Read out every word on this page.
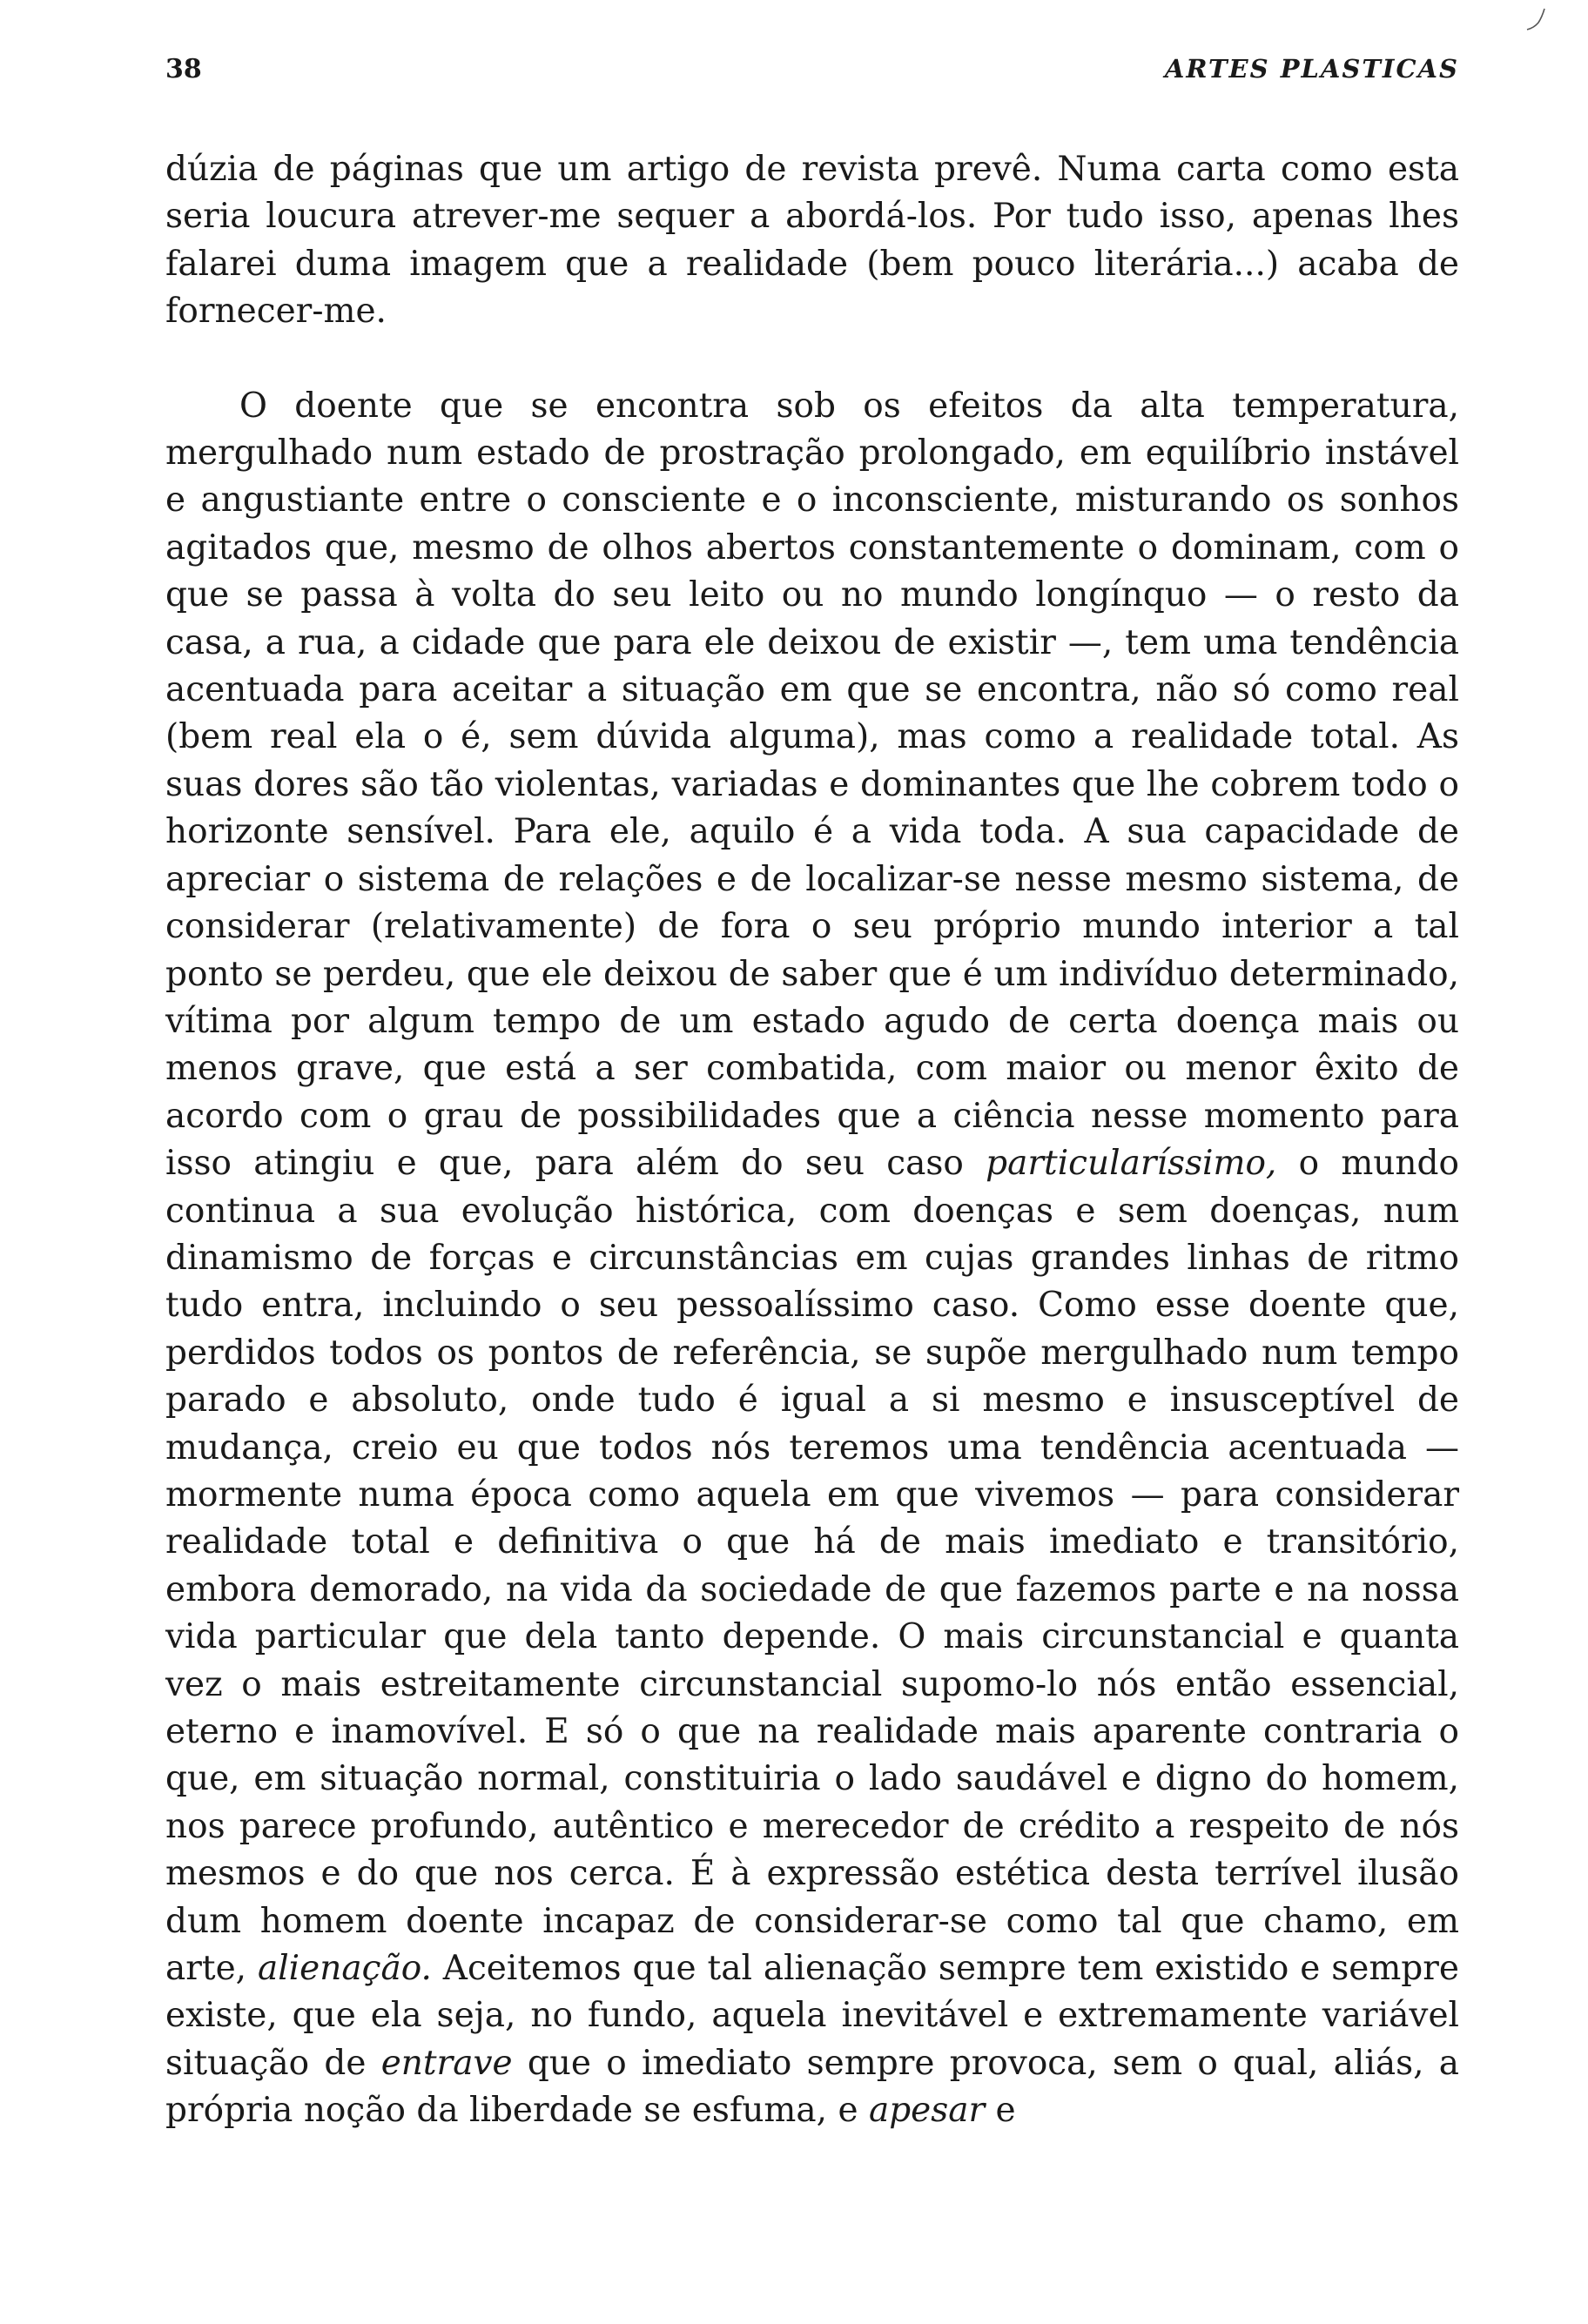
38	ARTES PLASTICAS

dúzia de páginas que um artigo de revista prevê. Numa carta como esta seria loucura atrever-me sequer a abordá-los. Por tudo isso, apenas lhes falarei duma imagem que a realidade (bem pouco literária...) acaba de fornecer-me.

O doente que se encontra sob os efeitos da alta temperatura, mergulhado num estado de prostração prolongado, em equilíbrio instável e angustiante entre o consciente e o inconsciente, misturando os sonhos agitados que, mesmo de olhos abertos constantemente o dominam, com o que se passa à volta do seu leito ou no mundo longínquo — o resto da casa, a rua, a cidade que para ele deixou de existir —, tem uma tendência acentuada para aceitar a situação em que se encontra, não só como real (bem real ela o é, sem dúvida alguma), mas como a realidade total. As suas dores são tão violentas, variadas e dominantes que lhe cobrem todo o horizonte sensível. Para ele, aquilo é a vida toda. A sua capacidade de apreciar o sistema de relações e de localizar-se nesse mesmo sistema, de considerar (relativamente) de fora o seu próprio mundo interior a tal ponto se perdeu, que ele deixou de saber que é um indivíduo determinado, vítima por algum tempo de um estado agudo de certa doença mais ou menos grave, que está a ser combatida, com maior ou menor êxito de acordo com o grau de possibilidades que a ciência nesse momento para isso atingiu e que, para além do seu caso particularíssimo, o mundo continua a sua evolução histórica, com doenças e sem doenças, num dinamismo de forças e circunstâncias em cujas grandes linhas de ritmo tudo entra, incluindo o seu pessoalíssimo caso. Como esse doente que, perdidos todos os pontos de referência, se supõe mergulhado num tempo parado e absoluto, onde tudo é igual a si mesmo e insusceptível de mudança, creio eu que todos nós teremos uma tendência acentuada — mormente numa época como aquela em que vivemos — para considerar realidade total e definitiva o que há de mais imediato e transitório, embora demorado, na vida da sociedade de que fazemos parte e na nossa vida particular que dela tanto depende. O mais circunstancial e quanta vez o mais estreitamente circunstancial supomo-lo nós então essencial, eterno e inamovível. E só o que na realidade mais aparente contraria o que, em situação normal, constituiria o lado saudável e digno do homem, nos parece profundo, autêntico e merecedor de crédito a respeito de nós mesmos e do que nos cerca. É à expressão estética desta terrível ilusão dum homem doente incapaz de considerar-se como tal que chamo, em arte, alienação. Aceitemos que tal alienação sempre tem existido e sempre existe, que ela seja, no fundo, aquela inevitável e extremamente variável situação de entrave que o imediato sempre provoca, sem o qual, aliás, a própria noção da liberdade se esfuma, e apesar e
